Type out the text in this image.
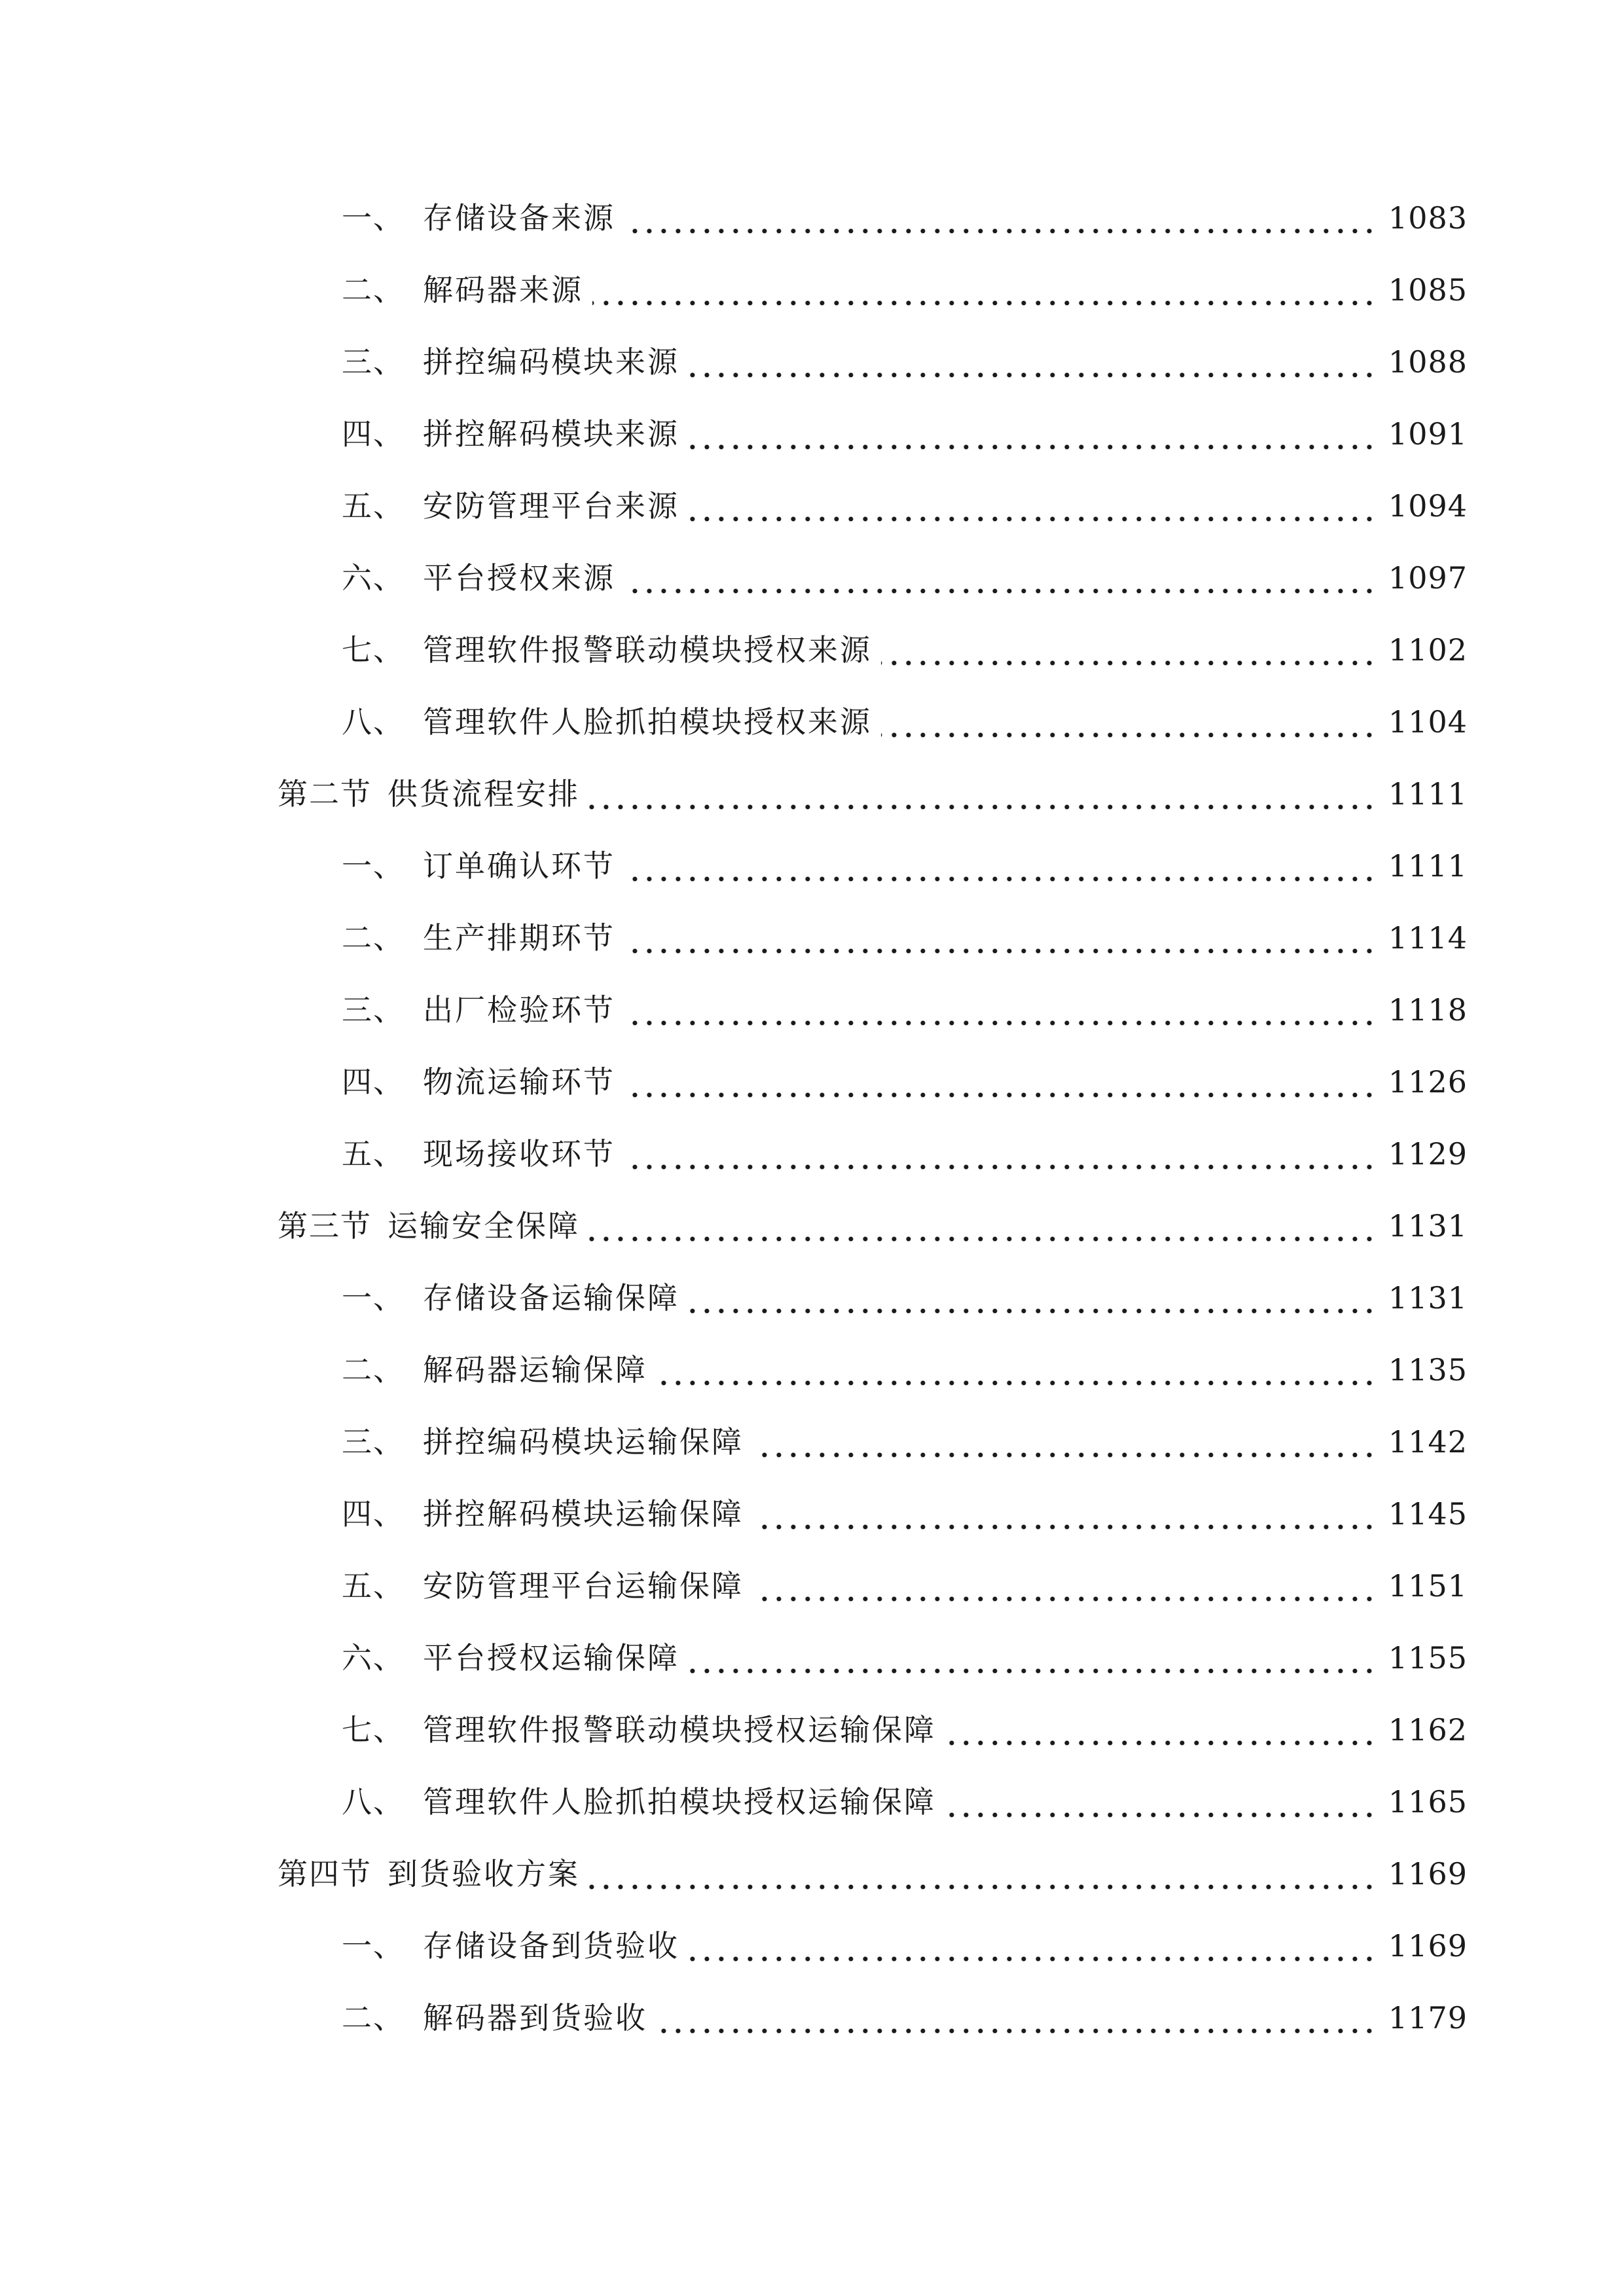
一、 存储设备来源	1083
二、 解码器来源	1085
三、 拼控编码模块来源	1088
四、 拼控解码模块来源	1091
五、 安防管理平台来源	1094
六、 平台授权来源	1097
七、 管理软件报警联动模块授权来源	1102
八、 管理软件人脸抓拍模块授权来源	1104
第二节 供货流程安排	1111
一、 订单确认环节	1111
二、 生产排期环节	1114
三、 出厂检验环节	1118
四、 物流运输环节	1126
五、 现场接收环节	1129
第三节 运输安全保障	1131
一、 存储设备运输保障	1131
二、 解码器运输保障	1135
三、 拼控编码模块运输保障	1142
四、 拼控解码模块运输保障	1145
五、 安防管理平台运输保障	1151
六、 平台授权运输保障	1155
七、 管理软件报警联动模块授权运输保障	1162
八、 管理软件人脸抓拍模块授权运输保障	1165
第四节 到货验收方案	1169
一、 存储设备到货验收	1169
二、 解码器到货验收	1179
